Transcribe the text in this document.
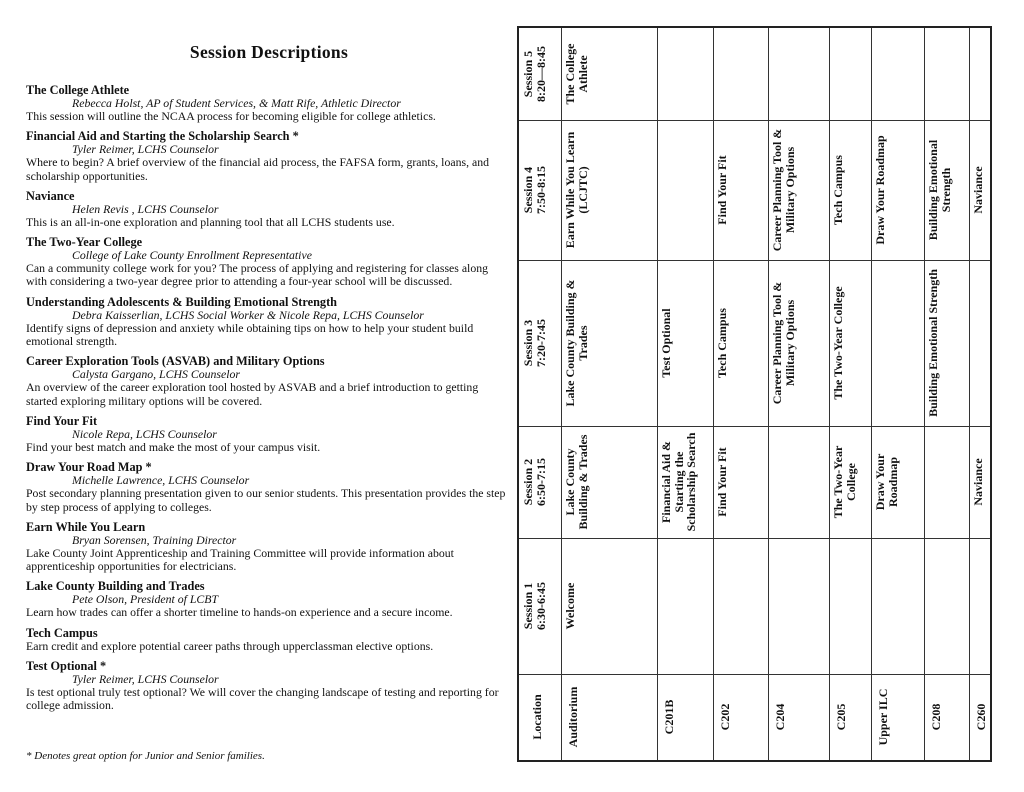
Session Descriptions
The College Athlete
Rebecca Holst, AP of Student Services, & Matt Rife, Athletic Director
This session will outline the NCAA process for becoming eligible for college athletics.
Financial Aid and Starting the Scholarship Search *
Tyler Reimer, LCHS Counselor
Where to begin? A brief overview of the financial aid process, the FAFSA form, grants, loans, and scholarship opportunities.
Naviance
Helen Revis , LCHS Counselor
This is an all-in-one exploration and planning tool that all LCHS students use.
The Two-Year College
College of Lake County Enrollment Representative
Can a community college work for you? The process of applying and registering for classes along with considering a two-year degree prior to attending a four-year school will be discussed.
Understanding Adolescents & Building Emotional Strength
Debra Kaisserlian, LCHS Social Worker & Nicole Repa, LCHS Counselor
Identify signs of depression and anxiety while obtaining tips on how to help your student build emotional strength.
Career Exploration Tools (ASVAB) and Military Options
Calysta Gargano, LCHS Counselor
An overview of the career exploration tool hosted by ASVAB and a brief introduction to getting started exploring military options will be covered.
Find Your Fit
Nicole Repa, LCHS Counselor
Find your best match and make the most of your campus visit.
Draw Your Road Map *
Michelle Lawrence, LCHS Counselor
Post secondary planning presentation given to our senior students. This presentation provides the step by step process of applying to colleges.
Earn While You Learn
Bryan Sorensen, Training Director
Lake County Joint Apprenticeship and Training Committee will provide information about apprenticeship opportunities for electricians.
Lake County Building and Trades
Pete Olson, President of LCBT
Learn how trades can offer a shorter timeline to hands-on experience and a secure income.
Tech Campus
Earn credit and explore potential career paths through upperclassman elective options.
Test Optional *
Tyler Reimer, LCHS Counselor
Is test optional truly test optional? We will cover the changing landscape of testing and reporting for college admission.
* Denotes great option for Junior and Senior families.
Session 1 6:30-6:45
Session 2 6:50-7:15
Session 3 7:20-7:45
Session 4 7:50-8:15
Session 5 8:20—8:45
Location Auditorium
Welcome
Lake County Building & Trades
Lake County Building & Trades
Earn While You Learn (LCJTC)
The College Athlete
C201B
Financial Aid & Starting the Scholarship Search
Test Optional
C202
Find Your Fit
Tech Campus
Find Your Fit
C204
Career Planning Tool & Military Options
Career Planning Tool & Military Options
C205
The Two-Year College
The Two-Year College
Tech Campus
Upper ILC
Draw Your Roadmap
Draw Your Roadmap
C208
Building Emotional Strength
Building Emotional Strength
C260
Naviance
Naviance
